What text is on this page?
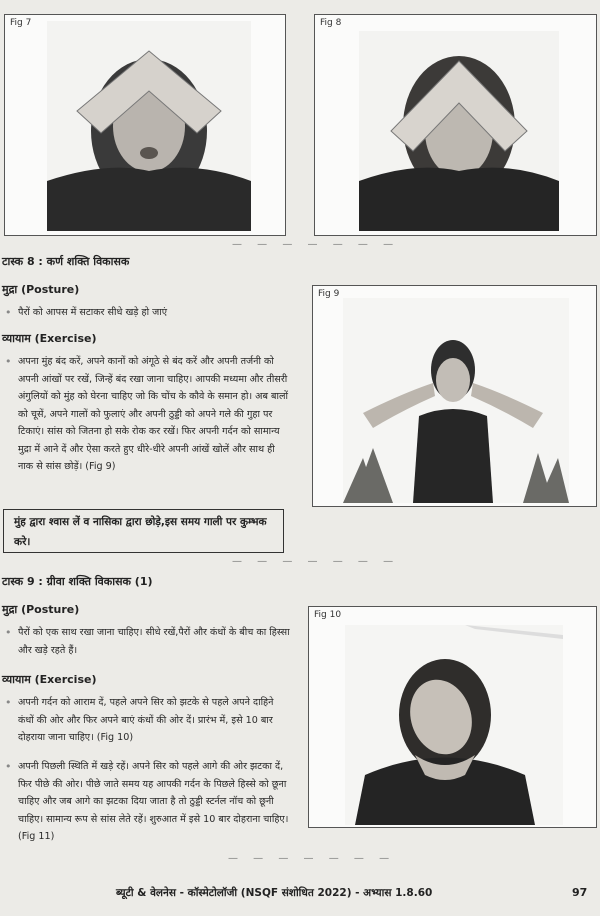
Fig 7	Fig 8
— — — — — — —
टास्क 8 : कर्ण शक्ति विकासक
मुद्रा (Posture)
• पैरों को आपस में सटाकर सीधे खड़े हो जाएं
व्यायाम (Exercise)
• अपना मुंह बंद करें, अपने कानों को अंगूठे से बंद करें और अपनी तर्जनी को अपनी आंखों पर रखें, जिन्हें बंद रखा जाना चाहिए। आपकी मध्यमा और तीसरी अंगुलियों को मुंह को घेरना चाहिए जो कि चोंच के कौवे के समान हो। अब बालों को चूसें, अपने गालों को फुलाएं और अपनी ठुड्डी को अपने गले की गुहा पर टिकाएं। सांस को जितना हो सके रोक कर रखें। फिर अपनी गर्दन को सामान्य मुद्रा में आने दें और ऐसा करते हुए धीरे-धीरे अपनी आंखें खोलें और साथ ही नाक से सांस छोड़ें। (Fig 9)
मुंह द्वारा श्वास लें व नासिका द्वारा छोड़े,इस समय गाली पर कुम्भक करे।
Fig 9
— — — — — — —
टास्क 9 : ग्रीवा शक्ति विकासक (1)
मुद्रा (Posture)
• पैरों को एक साथ रखा जाना चाहिए। सीधे रखें,पैरों और कंधों के बीच का हिस्सा और खड़े रहते हैं।
व्यायाम (Exercise)
• अपनी गर्दन को आराम दें, पहले अपने सिर को झटके से पहले अपने दाहिने कंधों की ओर और फिर अपने बाएं कंधों की ओर दें। प्रारंभ में, इसे 10 बार दोहराया जाना चाहिए। (Fig 10)
• अपनी पिछली स्थिति में खड़े रहें। अपने सिर को पहले आगे की ओर झटका दें, फिर पीछे की ओर। पीछे जाते समय यह आपकी गर्दन के पिछले हिस्से को छूना चाहिए और जब आगे का झटका दिया जाता है तो ठुड्डी स्टर्नल नॉच को छूनी चाहिए। सामान्य रूप से सांस लेते रहें। शुरुआत में इसे 10 बार दोहराना चाहिए। (Fig 11)
Fig 10
— — — — — — —
ब्यूटी & वेलनेस - कॉस्मेटोलॉजी (NSQF संशोधित 2022) - अभ्यास 1.8.60	97
